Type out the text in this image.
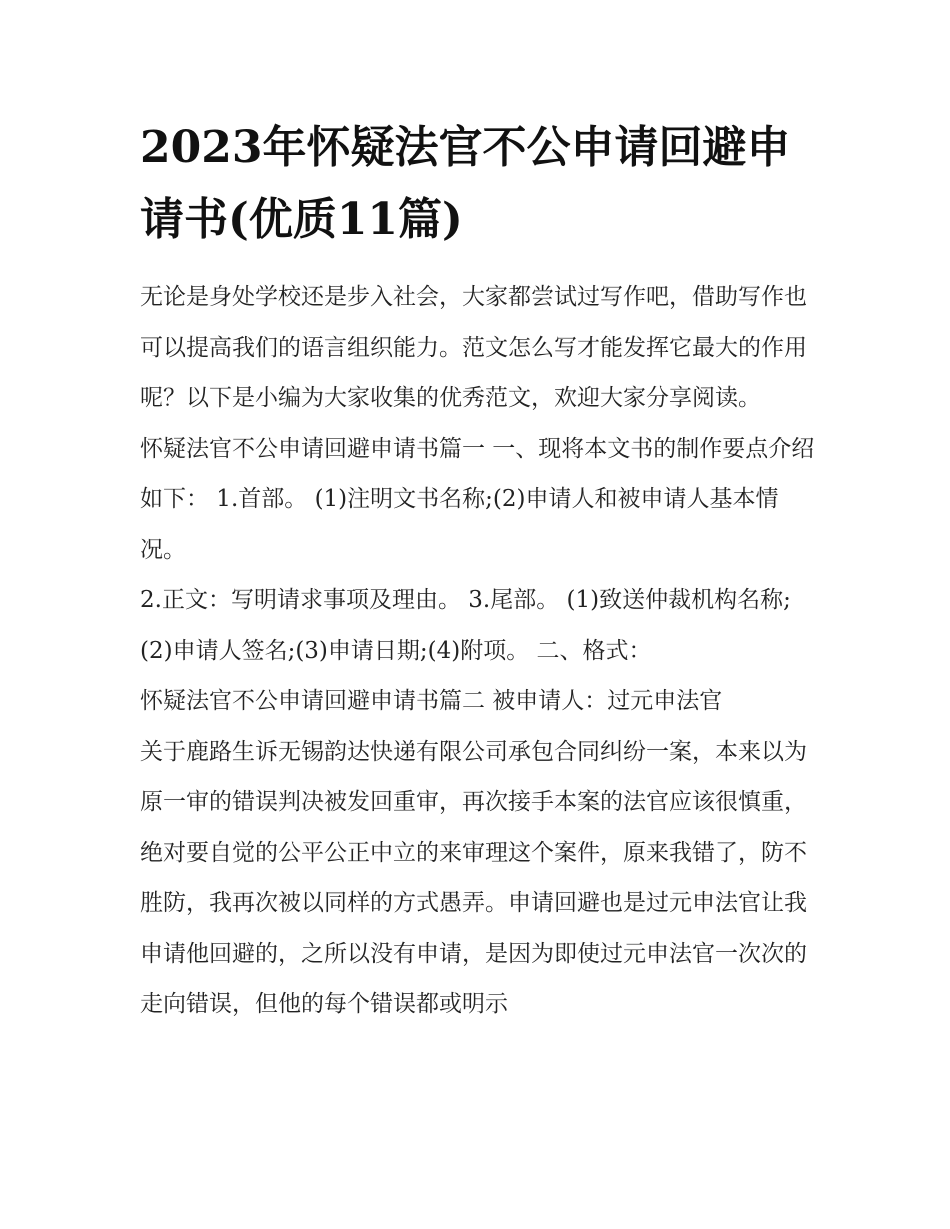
2023年怀疑法官不公申请回避申请书(优质11篇)

无论是身处学校还是步入社会，大家都尝试过写作吧，借助写作也可以提高我们的语言组织能力。范文怎么写才能发挥它最大的作用呢？以下是小编为大家收集的优秀范文，欢迎大家分享阅读。

怀疑法官不公申请回避申请书篇一 一、现将本文书的制作要点介绍如下： 1.首部。 (1)注明文书名称;(2)申请人和被申请人基本情况。

2.正文：写明请求事项及理由。 3.尾部。 (1)致送仲裁机构名称;(2)申请人签名;(3)申请日期;(4)附项。 二、格式：

怀疑法官不公申请回避申请书篇二 被申请人：过元申法官

关于鹿路生诉无锡韵达快递有限公司承包合同纠纷一案，本来以为原一审的错误判决被发回重审，再次接手本案的法官应该很慎重，绝对要自觉的公平公正中立的来审理这个案件，原来我错了，防不胜防，我再次被以同样的方式愚弄。申请回避也是过元申法官让我申请他回避的，之所以没有申请，是因为即使过元申法官一次次的走向错误，但他的每个错误都或明示
